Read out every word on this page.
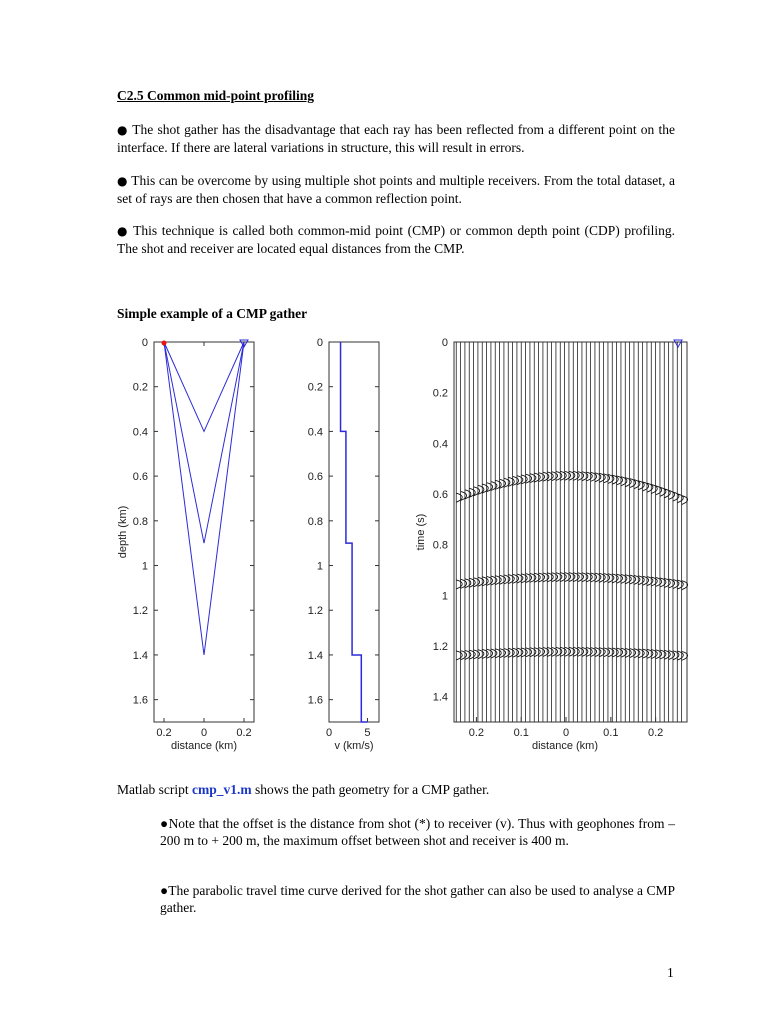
C2.5 Common mid-point profiling

● The shot gather has the disadvantage that each ray has been reflected from a different point on the interface. If there are lateral variations in structure, this will result in errors.

● This can be overcome by using multiple shot points and multiple receivers. From the total dataset, a set of rays are then chosen that have a common reflection point.

● This technique is called both common-mid point (CMP) or common depth point (CDP) profiling. The shot and receiver are located equal distances from the CMP.

Simple example of a CMP gather

depth (km)
distance (km)
0
0.2
0.4
0.6
0.8
1
1.2
1.4
1.6
0.2	0	0.2
v (km/s)
0
0.2
0.4
0.6
0.8
1
1.2
1.4
1.6
0	5
time (s)
distance (km)
0
0.2
0.4
0.6
0.8
1
1.2
1.4
0.2	0.1	0	0.1	0.2

Matlab script cmp_v1.m shows the path geometry for a CMP gather.

●Note that the offset is the distance from shot (*) to receiver (v). Thus with geophones from –200 m to + 200 m, the maximum offset between shot and receiver is 400 m.

●The parabolic travel time curve derived for the shot gather can also be used to analyse a CMP gather.

1
